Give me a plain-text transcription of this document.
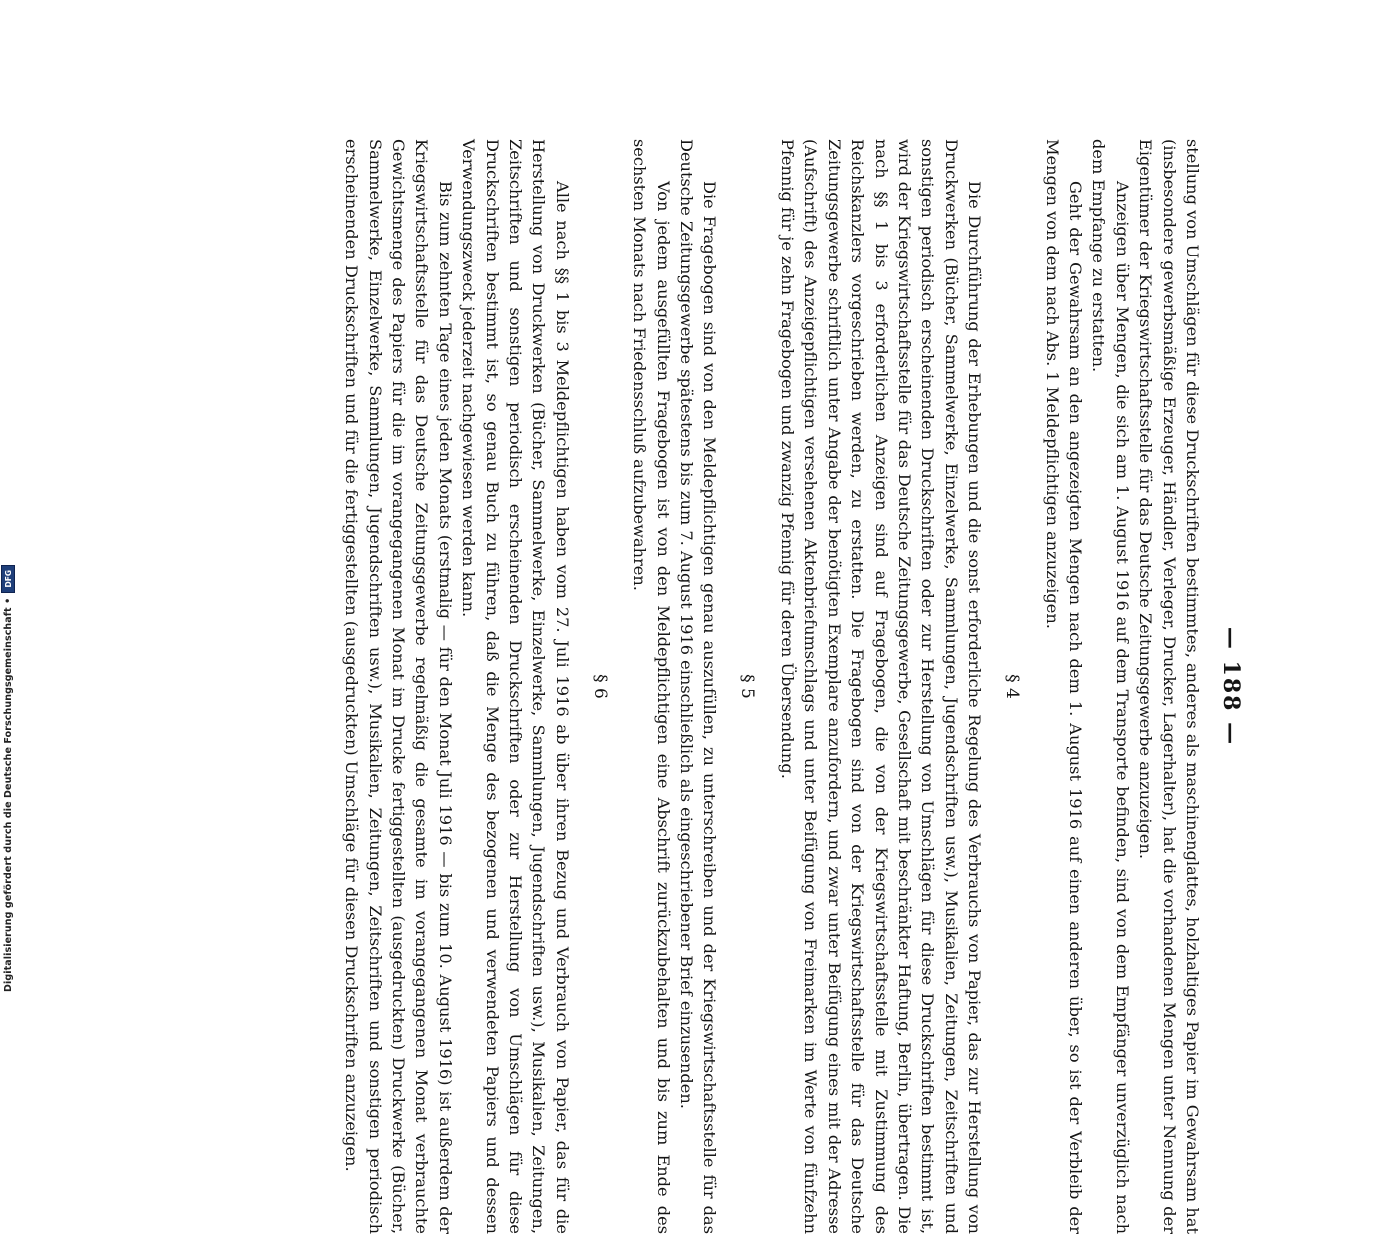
— 188 —

stellung von Umschlägen für diese Druckschriften bestimmtes, anderes als maschinenglattes, holzhaltiges Papier im Gewahrsam hat (insbesondere gewerbsmäßige Erzeuger, Händler, Verleger, Drucker, Lagerhalter), hat die vorhandenen Mengen unter Nennung der Eigentümer der Kriegswirtschaftsstelle für das Deutsche Zeitungsgewerbe anzuzeigen.

Anzeigen über Mengen, die sich am 1. August 1916 auf dem Transporte befinden, sind von dem Empfänger unverzüglich nach dem Empfange zu erstatten.

Geht der Gewahrsam an den angezeigten Mengen nach dem 1. August 1916 auf einen anderen über, so ist der Verbleib der Mengen von dem nach Abs. 1 Meldepflichtigen anzuzeigen.

§ 4

Die Durchführung der Erhebungen und die sonst erforderliche Regelung des Verbrauchs von Papier, das zur Herstellung von Druckwerken (Bücher, Sammelwerke, Einzelwerke, Sammlungen, Jugendschriften usw.), Musikalien, Zeitungen, Zeitschriften und sonstigen periodisch erscheinenden Druckschriften oder zur Herstellung von Umschlägen für diese Druckschriften bestimmt ist, wird der Kriegswirtschaftsstelle für das Deutsche Zeitungsgewerbe, Gesellschaft mit beschränkter Haftung, Berlin, übertragen. Die nach §§ 1 bis 3 erforderlichen Anzeigen sind auf Fragebogen, die von der Kriegswirtschaftsstelle mit Zustimmung des Reichskanzlers vorgeschrieben werden, zu erstatten. Die Fragebogen sind von der Kriegswirtschaftsstelle für das Deutsche Zeitungsgewerbe schriftlich unter Angabe der benötigten Exemplare anzufordern, und zwar unter Beifügung eines mit der Adresse (Aufschrift) des Anzeigepflichtigen versehenen Aktenbriefumschlags und unter Beifügung von Freimarken im Werte von fünfzehn Pfennig für je zehn Fragebogen und zwanzig Pfennig für deren Übersendung.

§ 5

Die Fragebogen sind von den Meldepflichtigen genau auszufüllen, zu unterschreiben und der Kriegswirtschaftsstelle für das Deutsche Zeitungsgewerbe spätestens bis zum 7. August 1916 einschließlich als eingeschriebener Brief einzusenden.

Von jedem ausgefüllten Fragebogen ist von den Meldepflichtigen eine Abschrift zurückzubehalten und bis zum Ende des sechsten Monats nach Friedensschluß aufzubewahren.

§ 6

Alle nach §§ 1 bis 3 Meldepflichtigen haben vom 27. Juli 1916 ab über ihren Bezug und Verbrauch von Papier, das für die Herstellung von Druckwerken (Bücher, Sammelwerke, Einzelwerke, Sammlungen, Jugendschriften usw.), Musikalien, Zeitungen, Zeitschriften und sonstigen periodisch erscheinenden Druckschriften oder zur Herstellung von Umschlägen für diese Druckschriften bestimmt ist, so genau Buch zu führen, daß die Menge des bezogenen und verwendeten Papiers und dessen Verwendungszweck jederzeit nachgewiesen werden kann.

Bis zum zehnten Tage eines jeden Monats (erstmalig — für den Monat Juli 1916 — bis zum 10. August 1916) ist außerdem der Kriegswirtschaftsstelle für das Deutsche Zeitungsgewerbe regelmäßig die gesamte im vorangegangenen Monat verbrauchte Gewichtsmenge des Papiers für die im vorangegangenen Monat im Drucke fertiggestellten (ausgedruckten) Druckwerke (Bücher, Sammelwerke, Einzelwerke, Sammlungen, Jugendschriften usw.), Musikalien, Zeitungen, Zeitschriften und sonstigen periodisch erscheinenden Druckschriften und für die fertiggestellten (ausgedruckten) Umschläge für diesen Druckschriften anzuzeigen.

Digitalisierung gefördert durch die Deutsche Forschungsgemeinschaft •
DFG
